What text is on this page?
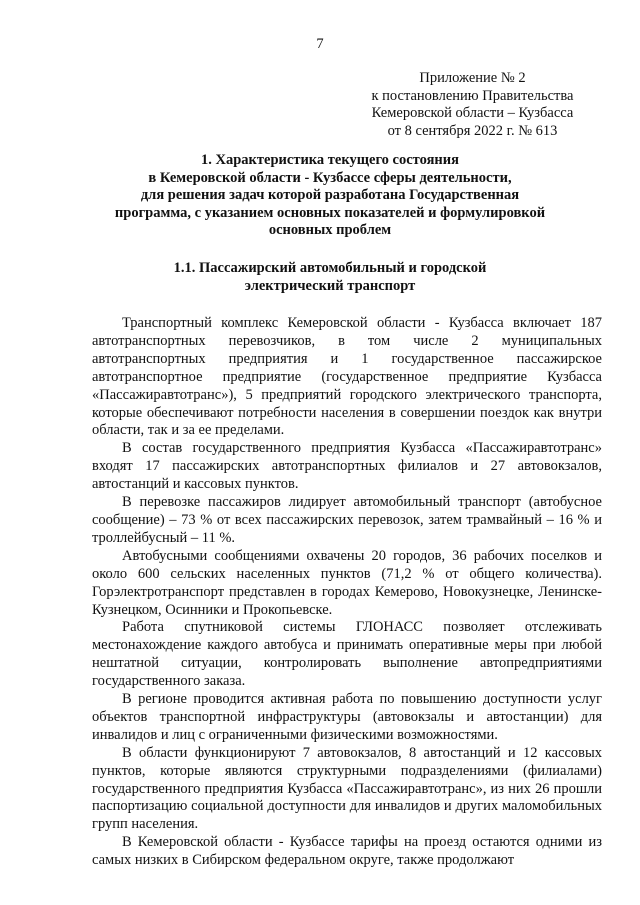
7
Приложение № 2
к постановлению Правительства
Кемеровской области – Кузбасса
от 8 сентября 2022 г. № 613
1. Характеристика текущего состояния
в Кемеровской области - Кузбассе сферы деятельности,
для решения задач которой разработана Государственная
программа, с указанием основных показателей и формулировкой
основных проблем
1.1. Пассажирский автомобильный и городской
электрический транспорт

Транспортный комплекс Кемеровской области - Кузбасса включает 187 автотранспортных перевозчиков, в том числе 2 муниципальных автотранспортных предприятия и 1 государственное пассажирское автотранспортное предприятие (государственное предприятие Кузбасса «Пассажиравтотранс»), 5 предприятий городского электрического транспорта, которые обеспечивают потребности населения в совершении поездок как внутри области, так и за ее пределами.

В состав государственного предприятия Кузбасса «Пассажиравтотранс» входят 17 пассажирских автотранспортных филиалов и 27 автовокзалов, автостанций и кассовых пунктов.

В перевозке пассажиров лидирует автомобильный транспорт (автобусное сообщение) – 73 % от всех пассажирских перевозок, затем трамвайный – 16 % и троллейбусный – 11 %.

Автобусными сообщениями охвачены 20 городов, 36 рабочих поселков и около 600 сельских населенных пунктов (71,2 % от общего количества). Горэлектротранспорт представлен в городах Кемерово, Новокузнецке, Ленинске-Кузнецком, Осинники и Прокопьевске.

Работа спутниковой системы ГЛОНАСС позволяет отслеживать местонахождение каждого автобуса и принимать оперативные меры при любой нештатной ситуации, контролировать выполнение автопредприятиями государственного заказа.

В регионе проводится активная работа по повышению доступности услуг объектов транспортной инфраструктуры (автовокзалы и автостанции) для инвалидов и лиц с ограниченными физическими возможностями.

В области функционируют 7 автовокзалов, 8 автостанций и 12 кассовых пунктов, которые являются структурными подразделениями (филиалами) государственного предприятия Кузбасса «Пассажиравтотранс», из них 26 прошли паспортизацию социальной доступности для инвалидов и других маломобильных групп населения.

В Кемеровской области - Кузбассе тарифы на проезд остаются одними из самых низких в Сибирском федеральном округе, также продолжают
